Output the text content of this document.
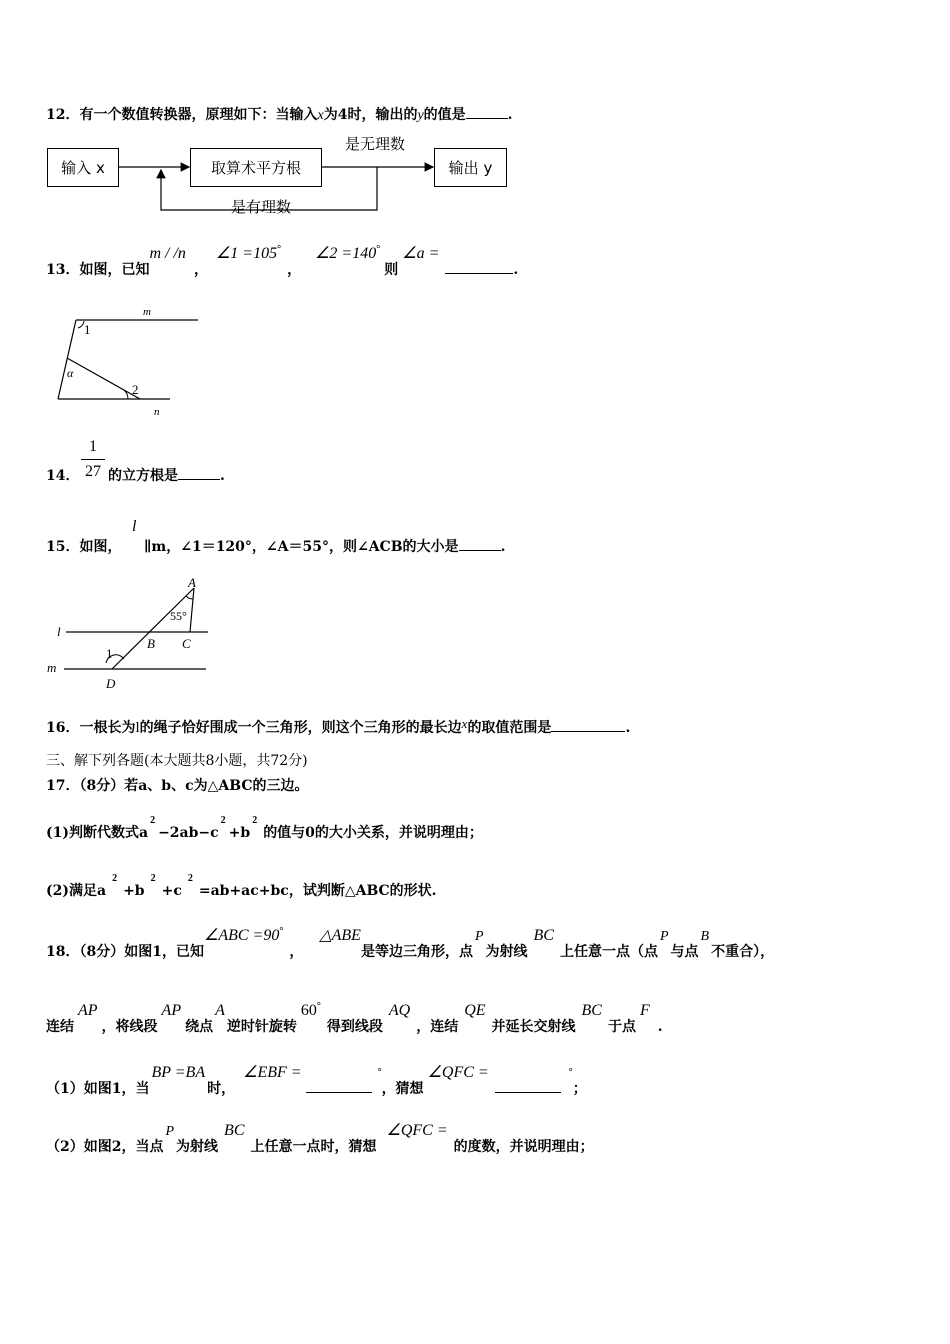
12．有一个数值转换器，原理如下：当输入x为4时，输出的y的值是	.
输入 x	取算术平方根	输出 y
是无理数
是有理数
13．如图，已知m / /n，∠1 =105°，∠2 =140°则∠a =.
m
n
1
2
α
14．
1
27 的立方根是	.
15．如图，
l
∥m，∠1＝120°，∠A＝55°，则∠ACB的大小是	.
A
B C
D
l
m
1
55°
16．一根长为l的绳子恰好围成一个三角形，则这个三角形的最长边x的取值范围是	.
三、解下列各题(本大题共8小题，共72分)
17．（8分）若a、b、c为△ABC的三边。
(1)判断代数式$a^2-2ab-c^2+b^2$的值与0的大小关系，并说明理由；
(2)满足$a^2+b^2+c^2=ab+ac+bc$，试判断△ABC的形状.
18．（8分）如图1，已知∠ABC =90°，△ABE是等边三角形，点P为射线BC上任意一点（点P与点B不重合），
连结AP，将线段AP绕点A逆时针旋转60°得到线段AQ，连结QE并延长交射线BC于点F.
（1）如图1，当BP =BA时，∠EBF =	°，猜想∠QFC =	°；
（2）如图2，当点P为射线BC上任意一点时，猜想∠QFC =的度数，并说明理由；
